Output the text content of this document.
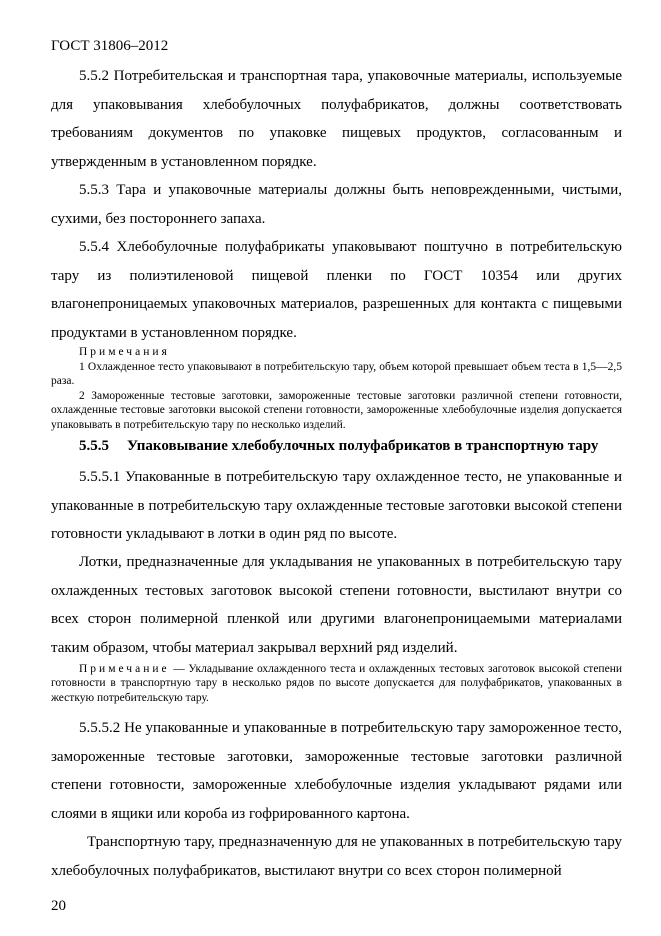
ГОСТ 31806–2012

5.5.2 Потребительская и транспортная тара, упаковочные материалы, используемые для упаковывания хлебобулочных полуфабрикатов, должны соответствовать требованиям документов по упаковке пищевых продуктов, согласованным и утвержденным в установленном порядке.

5.5.3 Тара и упаковочные материалы должны быть неповрежденными, чистыми, сухими, без постороннего запаха.

5.5.4 Хлебобулочные полуфабрикаты упаковывают поштучно в потребительскую тару из полиэтиленовой пищевой пленки по ГОСТ 10354 или других влагонепроницаемых упаковочных материалов, разрешенных для контакта с пищевыми продуктами в установленном порядке.

Примечания

1 Охлажденное тесто упаковывают в потребительскую тару, объем которой превышает объем теста в 1,5—2,5 раза.

2 Замороженные тестовые заготовки, замороженные тестовые заготовки различной степени готовности, охлажденные тестовые заготовки высокой степени готовности, замороженные хлебобулочные изделия допускается упаковывать в потребительскую тару по несколько изделий.

5.5.5 Упаковывание хлебобулочных полуфабрикатов в транспортную тару

5.5.5.1 Упакованные в потребительскую тару охлажденное тесто, не упакованные и упакованные в потребительскую тару охлажденные тестовые заготовки высокой степени готовности укладывают в лотки в один ряд по высоте.

Лотки, предназначенные для укладывания не упакованных в потребительскую тару охлажденных тестовых заготовок высокой степени готовности, выстилают внутри со всех сторон полимерной пленкой или другими влагонепроницаемыми материалами таким образом, чтобы материал закрывал верхний ряд изделий.

Примечание — Укладывание охлажденного теста и охлажденных тестовых заготовок высокой степени готовности в транспортную тару в несколько рядов по высоте допускается для полуфабрикатов, упакованных в жесткую потребительскую тару.

5.5.5.2 Не упакованные и упакованные в потребительскую тару замороженное тесто, замороженные тестовые заготовки, замороженные тестовые заготовки различной степени готовности, замороженные хлебобулочные изделия укладывают рядами или слоями в ящики или короба из гофрированного картона.

Транспортную тару, предназначенную для не упакованных в потребительскую тару хлебобулочных полуфабрикатов, выстилают внутри со всех сторон полимерной

20
